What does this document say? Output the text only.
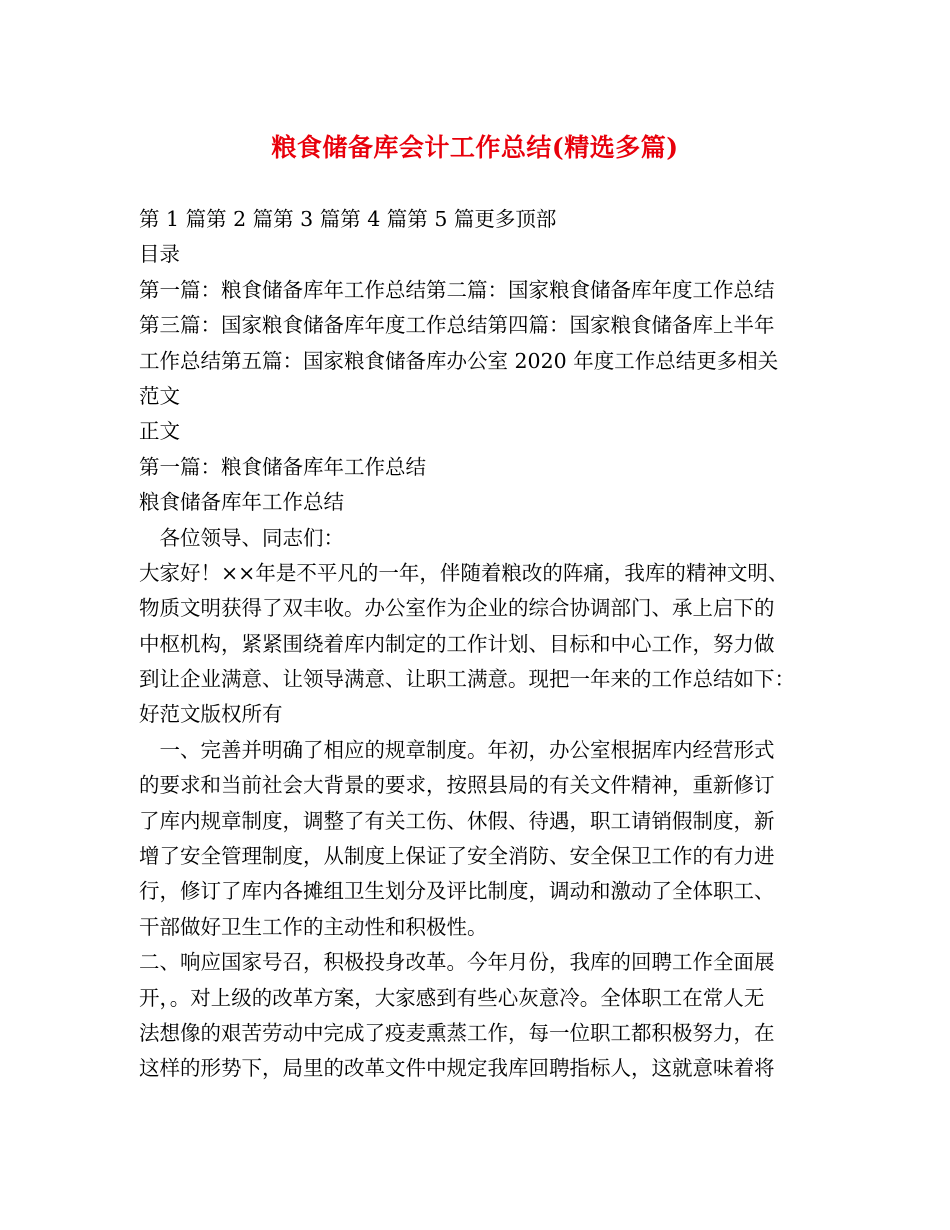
粮食储备库会计工作总结(精选多篇)
第 1 篇第 2 篇第 3 篇第 4 篇第 5 篇更多顶部
目录
第一篇：粮食储备库年工作总结第二篇：国家粮食储备库年度工作总结
第三篇：国家粮食储备库年度工作总结第四篇：国家粮食储备库上半年
工作总结第五篇：国家粮食储备库办公室 2020 年度工作总结更多相关
范文
正文
第一篇：粮食储备库年工作总结
粮食储备库年工作总结
　各位领导、同志们：
大家好！××年是不平凡的一年，伴随着粮改的阵痛，我库的精神文明、
物质文明获得了双丰收。办公室作为企业的综合协调部门、承上启下的
中枢机构，紧紧围绕着库内制定的工作计划、目标和中心工作，努力做
到让企业满意、让领导满意、让职工满意。现把一年来的工作总结如下：
好范文版权所有
　一、完善并明确了相应的规章制度。年初，办公室根据库内经营形式
的要求和当前社会大背景的要求，按照县局的有关文件精神，重新修订
了库内规章制度，调整了有关工伤、休假、待遇，职工请销假制度，新
增了安全管理制度，从制度上保证了安全消防、安全保卫工作的有力进
行，修订了库内各摊组卫生划分及评比制度，调动和激动了全体职工、
干部做好卫生工作的主动性和积极性。
二、响应国家号召，积极投身改革。今年月份，我库的回聘工作全面展
开，。对上级的改革方案，大家感到有些心灰意冷。全体职工在常人无
法想像的艰苦劳动中完成了疫麦熏蒸工作，每一位职工都积极努力，在
这样的形势下，局里的改革文件中规定我库回聘指标人，这就意味着将
